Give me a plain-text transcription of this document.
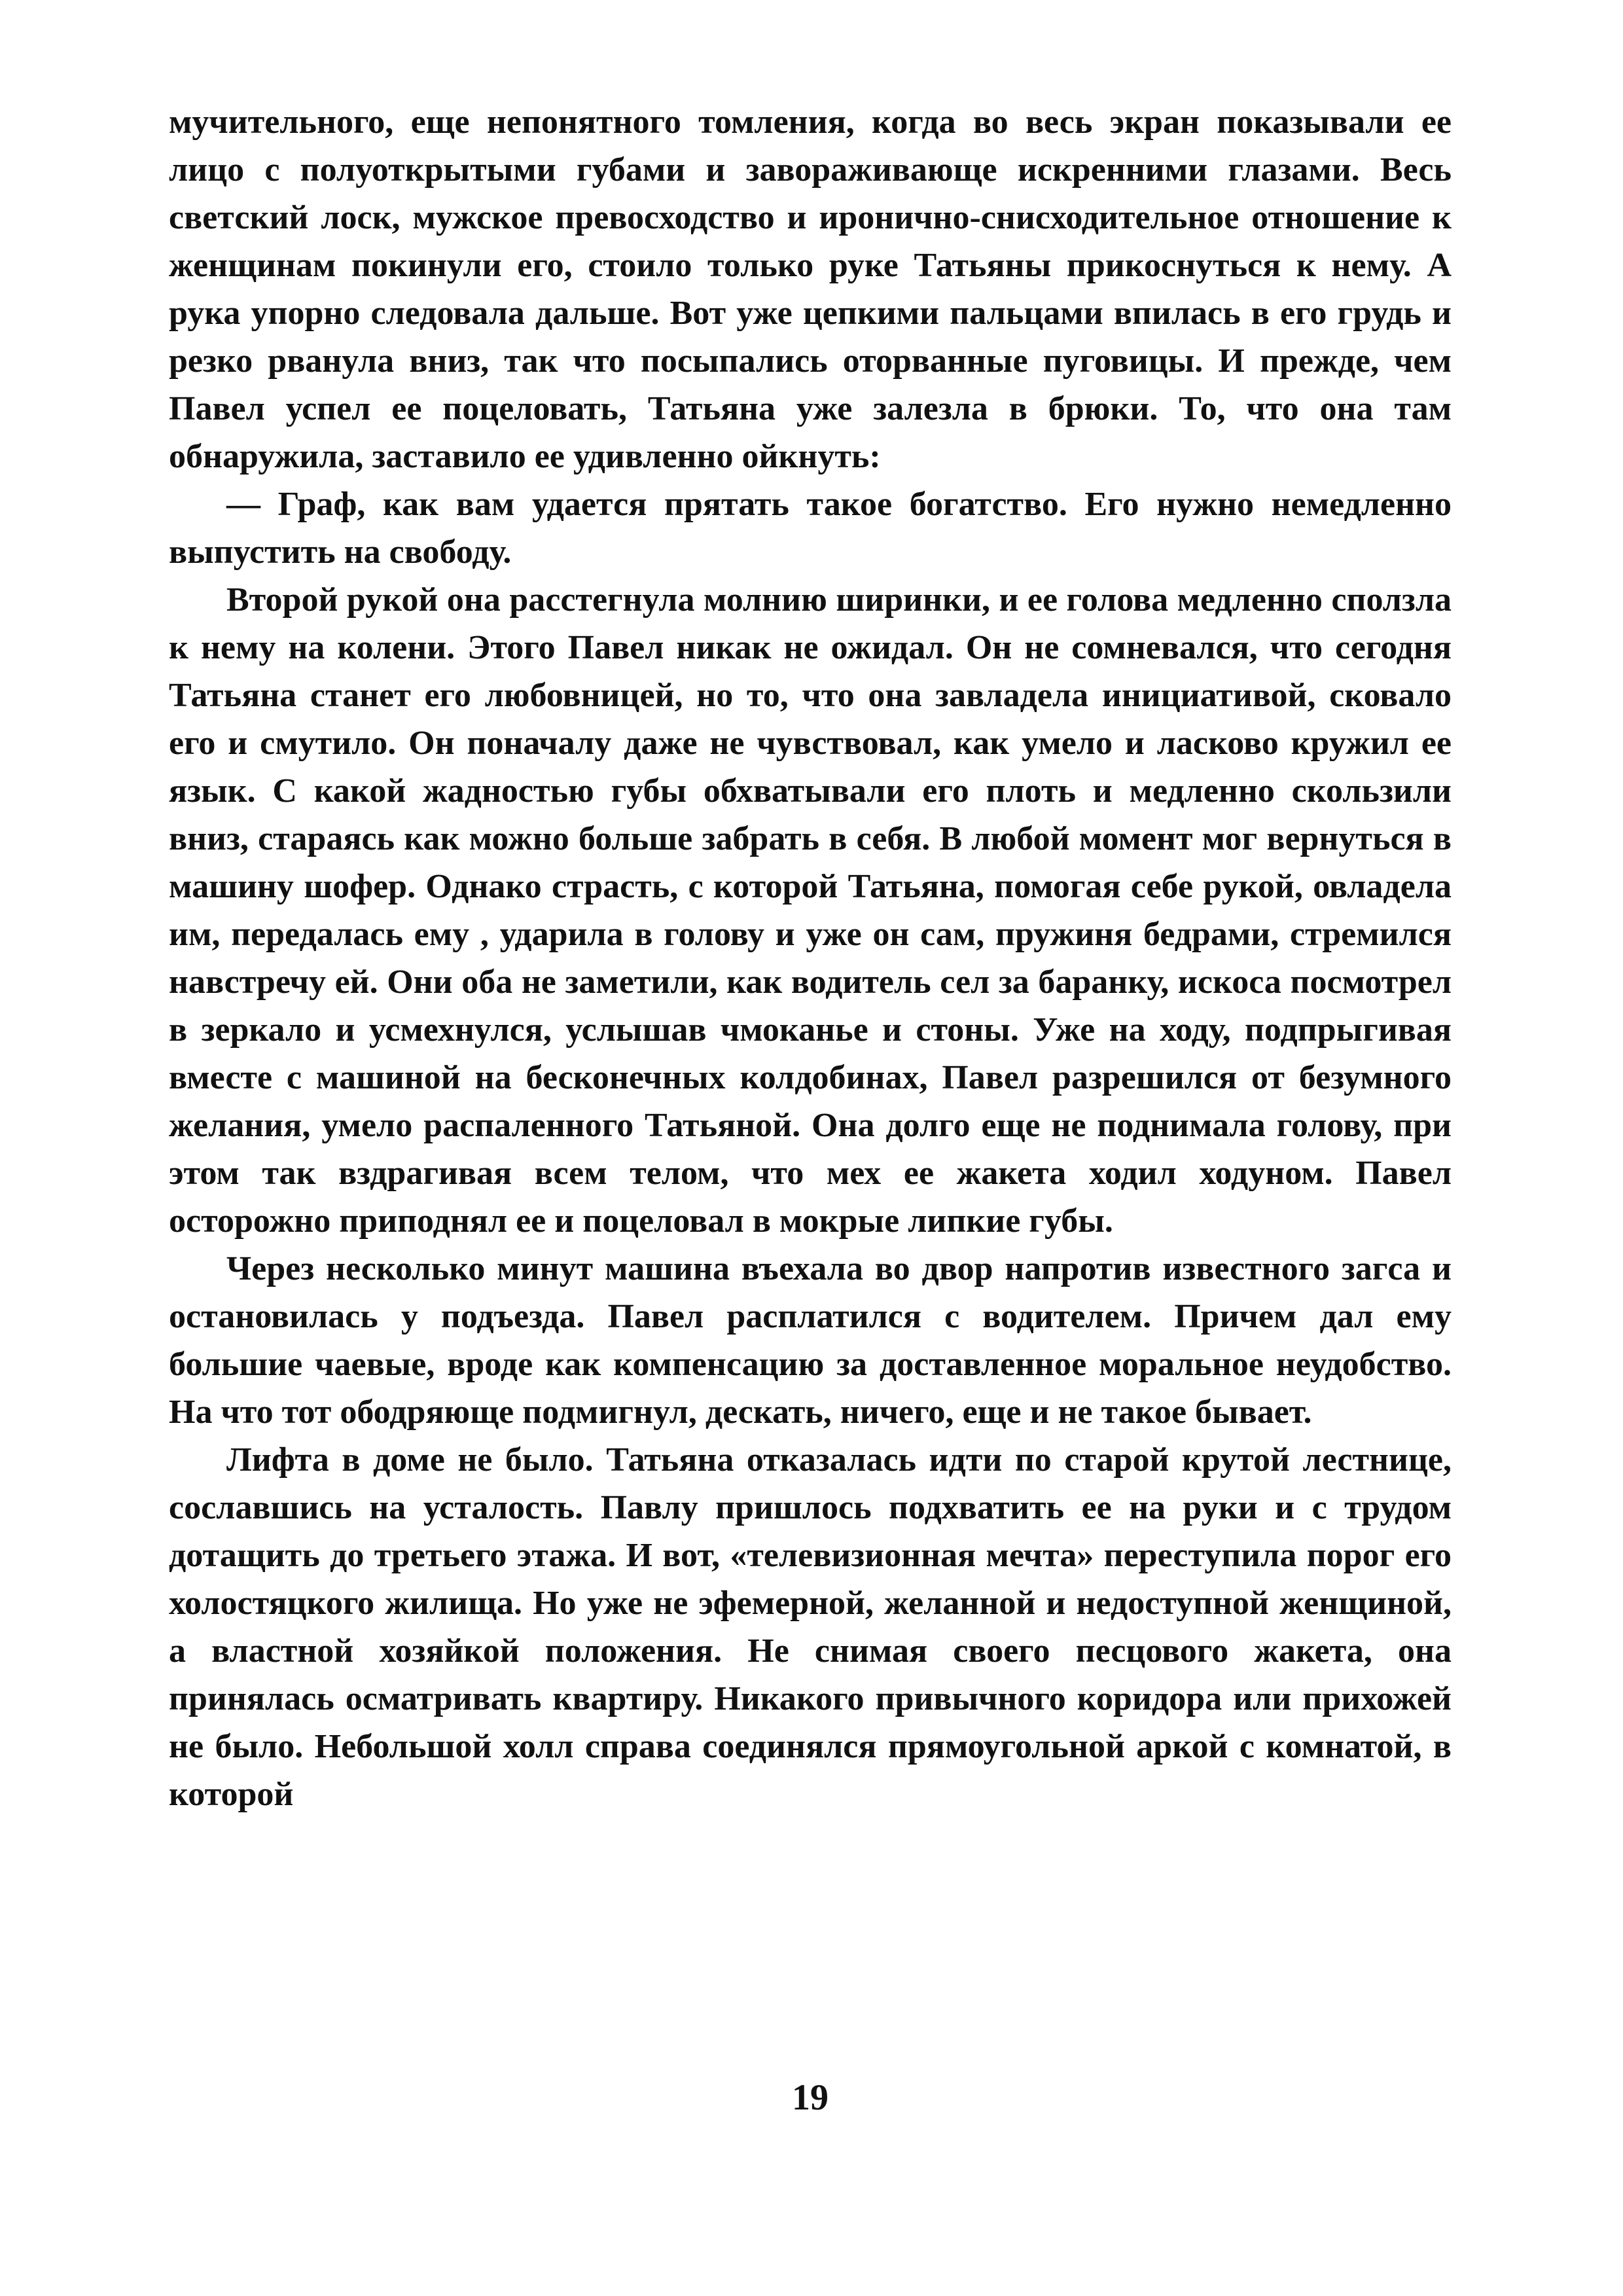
мучительного, еще непонятного томления, когда во весь экран показывали ее лицо с полуоткрытыми губами и завораживающе искренними глазами. Весь светский лоск, мужское превосходство и иронично-снисходительное отношение к женщинам покинули его, стоило только руке Татьяны прикоснуться к нему. А рука упорно следовала дальше. Вот уже цепкими пальцами впилась в его грудь и резко рванула вниз, так что посыпались оторванные пуговицы. И прежде, чем Павел успел ее поцеловать, Татьяна уже залезла в брюки. То, что она там обнаружила, заставило ее удивленно ойкнуть:

— Граф, как вам удается прятать такое богатство. Его нужно немедленно выпустить на свободу.

Второй рукой она расстегнула молнию ширинки, и ее голова медленно сползла к нему на колени. Этого Павел никак не ожидал. Он не сомневался, что сегодня Татьяна станет его любовницей, но то, что она завладела инициативой, сковало его и смутило. Он поначалу даже не чувствовал, как умело и ласково кружил ее язык. С какой жадностью губы обхватывали его плоть и медленно скользили вниз, стараясь как можно больше забрать в себя. В любой момент мог вернуться в машину шофер. Однако страсть, с которой Татьяна, помогая себе рукой, овладела им, передалась ему , ударила в голову и уже он сам, пружиня бедрами, стремился навстречу ей. Они оба не заметили, как водитель сел за баранку, искоса посмотрел в зеркало и усмехнулся, услышав чмоканье и стоны. Уже на ходу, подпрыгивая вместе с машиной на бесконечных колдобинах, Павел разрешился от безумного желания, умело распаленного Татьяной. Она долго еще не поднимала голову, при этом так вздрагивая всем телом, что мех ее жакета ходил ходуном. Павел осторожно приподнял ее и поцеловал в мокрые липкие губы.

Через несколько минут машина въехала во двор напротив известного загса и остановилась у подъезда. Павел расплатился с водителем. Причем дал ему большие чаевые, вроде как компенсацию за доставленное моральное неудобство. На что тот ободряюще подмигнул, дескать, ничего, еще и не такое бывает.

Лифта в доме не было. Татьяна отказалась идти по старой крутой лестнице, сославшись на усталость. Павлу пришлось подхватить ее на руки и с трудом дотащить до третьего этажа. И вот, «телевизионная мечта» переступила порог его холостяцкого жилища. Но уже не эфемерной, желанной и недоступной женщиной, а властной хозяйкой положения. Не снимая своего песцового жакета, она принялась осматривать квартиру. Никакого привычного коридора или прихожей не было. Небольшой холл справа соединялся прямоугольной аркой с комнатой, в которой

19
